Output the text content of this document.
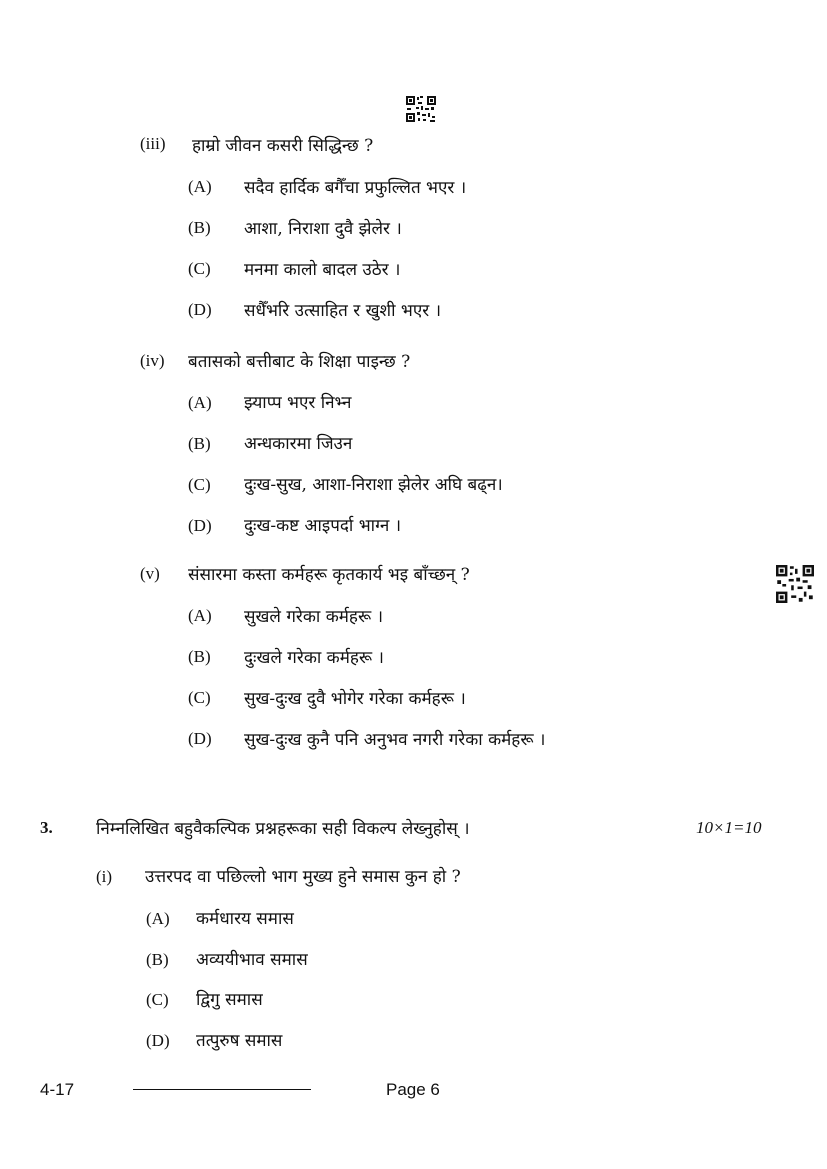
(iii) हाम्रो जीवन कसरी सिद्धिन्छ ?
(A) सदैव हार्दिक बगैँचा प्रफुल्लित भएर ।
(B) आशा, निराशा दुवै झेलेर ।
(C) मनमा कालो बादल उठेर ।
(D) सधैँभरि उत्साहित र खुशी भएर ।
(iv) बतासको बत्तीबाट के शिक्षा पाइन्छ ?
(A) झ्याप्प भएर निभ्न
(B) अन्धकारमा जिउन
(C) दुःख-सुख, आशा-निराशा झेलेर अघि बढ्न।
(D) दुःख-कष्ट आइपर्दा भाग्न ।
(v) संसारमा कस्ता कर्महरू कृतकार्य भइ बाँच्छन् ?
(A) सुखले गरेका कर्महरू ।
(B) दुःखले गरेका कर्महरू ।
(C) सुख-दुःख दुवै भोगेर गरेका कर्महरू ।
(D) सुख-दुःख कुनै पनि अनुभव नगरी गरेका कर्महरू ।
3.	निम्नलिखित बहुवैकल्पिक प्रश्नहरूका सही विकल्प लेख्नुहोस् ।	10×1=10
(i) उत्तरपद वा पछिल्लो भाग मुख्य हुने समास कुन हो ?
(A) कर्मधारय समास
(B) अव्ययीभाव समास
(C) द्विगु समास
(D) तत्पुरुष समास
4-17	Page 6
